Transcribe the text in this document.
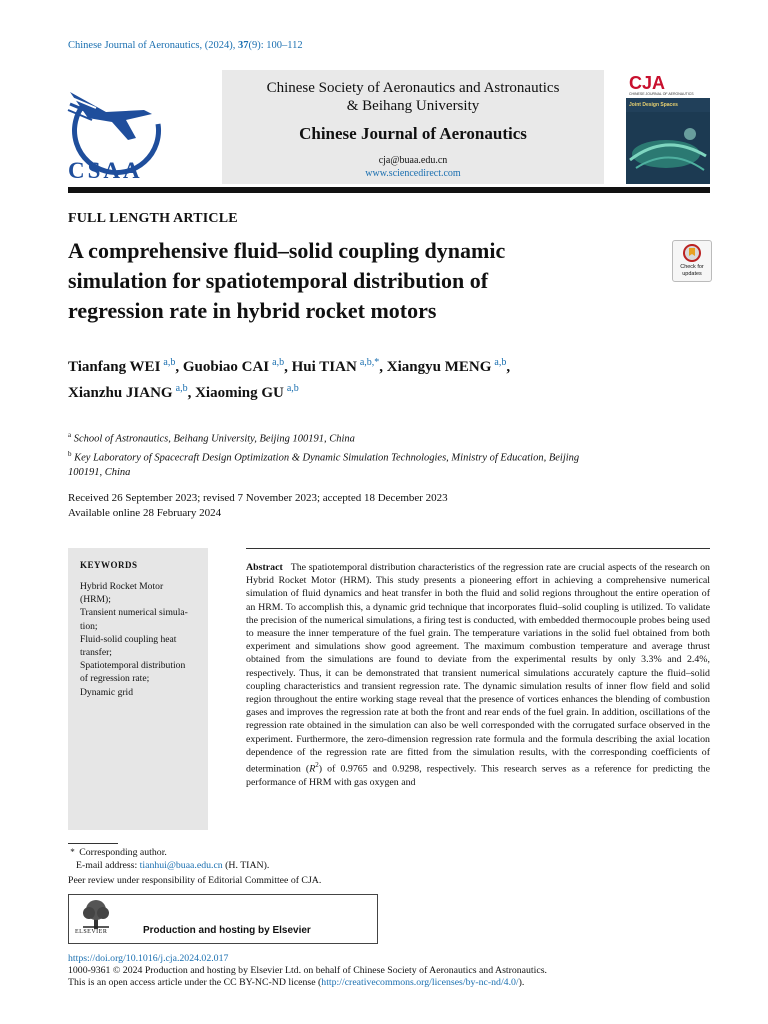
Chinese Journal of Aeronautics, (2024), 37(9): 100–112
CSAA
Chinese Society of Aeronautics and Astronautics
& Beihang University
Chinese Journal of Aeronautics
cja@buaa.edu.cn
www.sciencedirect.com
CJA
CHINESE JOURNAL OF AERONAUTICS
Joint Design Spaces
FULL LENGTH ARTICLE
A comprehensive fluid–solid coupling dynamic
simulation for spatiotemporal distribution of
regression rate in hybrid rocket motors
Check for
updates
Tianfang WEI  $^{a,b}$, Guobiao CAI  $^{a,b}$, Hui TIAN  $^{a,b,*}$, Xiangyu MENG  $^{a,b}$,
Xianzhu JIANG  $^{a,b}$, Xiaoming GU  $^{a,b}$
$^a$ School of Astronautics, Beihang University, Beijing 100191, China
$^b$ Key Laboratory of Spacecraft Design Optimization & Dynamic Simulation Technologies, Ministry of Education, Beijing
100191, China
Received 26 September 2023; revised 7 November 2023; accepted 18 December 2023
Available online 28 February 2024
KEYWORDS
Hybrid Rocket Motor
(HRM);
Transient numerical simula-
tion;
Fluid-solid coupling heat
transfer;
Spatiotemporal distribution
of regression rate;
Dynamic grid
Abstract The spatiotemporal distribution characteristics of the regression rate are crucial aspects of the research on Hybrid Rocket Motor (HRM). This study presents a pioneering effort in achieving a comprehensive numerical simulation of fluid dynamics and heat transfer in both the fluid and solid regions throughout the entire operation of an HRM. To accomplish this, a dynamic grid technique that incorporates fluid–solid coupling is utilized. To validate the precision of the numerical simulations, a firing test is conducted, with embedded thermocouple probes being used to measure the inner temperature of the fuel grain. The temperature variations in the solid fuel obtained from both experiment and simulations show good agreement. The maximum combustion temperature and average thrust obtained from the simulations are found to deviate from the experimental results by only 3.3% and 2.4%, respectively. Thus, it can be demonstrated that transient numerical simulations accurately capture the fluid–solid coupling characteristics and transient regression rate. The dynamic simulation results of inner flow field and solid region throughout the entire working stage reveal that the presence of vortices enhances the blending of combustion gases and improves the regression rate at both the front and rear ends of the fuel grain. In addition, oscillations of the regression rate obtained in the simulation can also be well corresponded with the corrugated surface observed in the experiment. Furthermore, the zero-dimension regression rate formula and the formula describing the axial location dependence of the regression rate are fitted from the simulation results, with the corresponding coefficients of determination $(R^2)$ of 0.9765 and 0.9298, respectively. This research serves as a reference for predicting the performance of HRM with gas oxygen and
*  Corresponding author.
E-mail address: tianhui@buaa.edu.cn (H. TIAN).
Peer review under responsibility of Editorial Committee of CJA.
ELSEVIER	Production and hosting by Elsevier
https://doi.org/10.1016/j.cja.2024.02.017
1000-9361 © 2024 Production and hosting by Elsevier Ltd. on behalf of Chinese Society of Aeronautics and Astronautics.
This is an open access article under the CC BY-NC-ND license (http://creativecommons.org/licenses/by-nc-nd/4.0/).
